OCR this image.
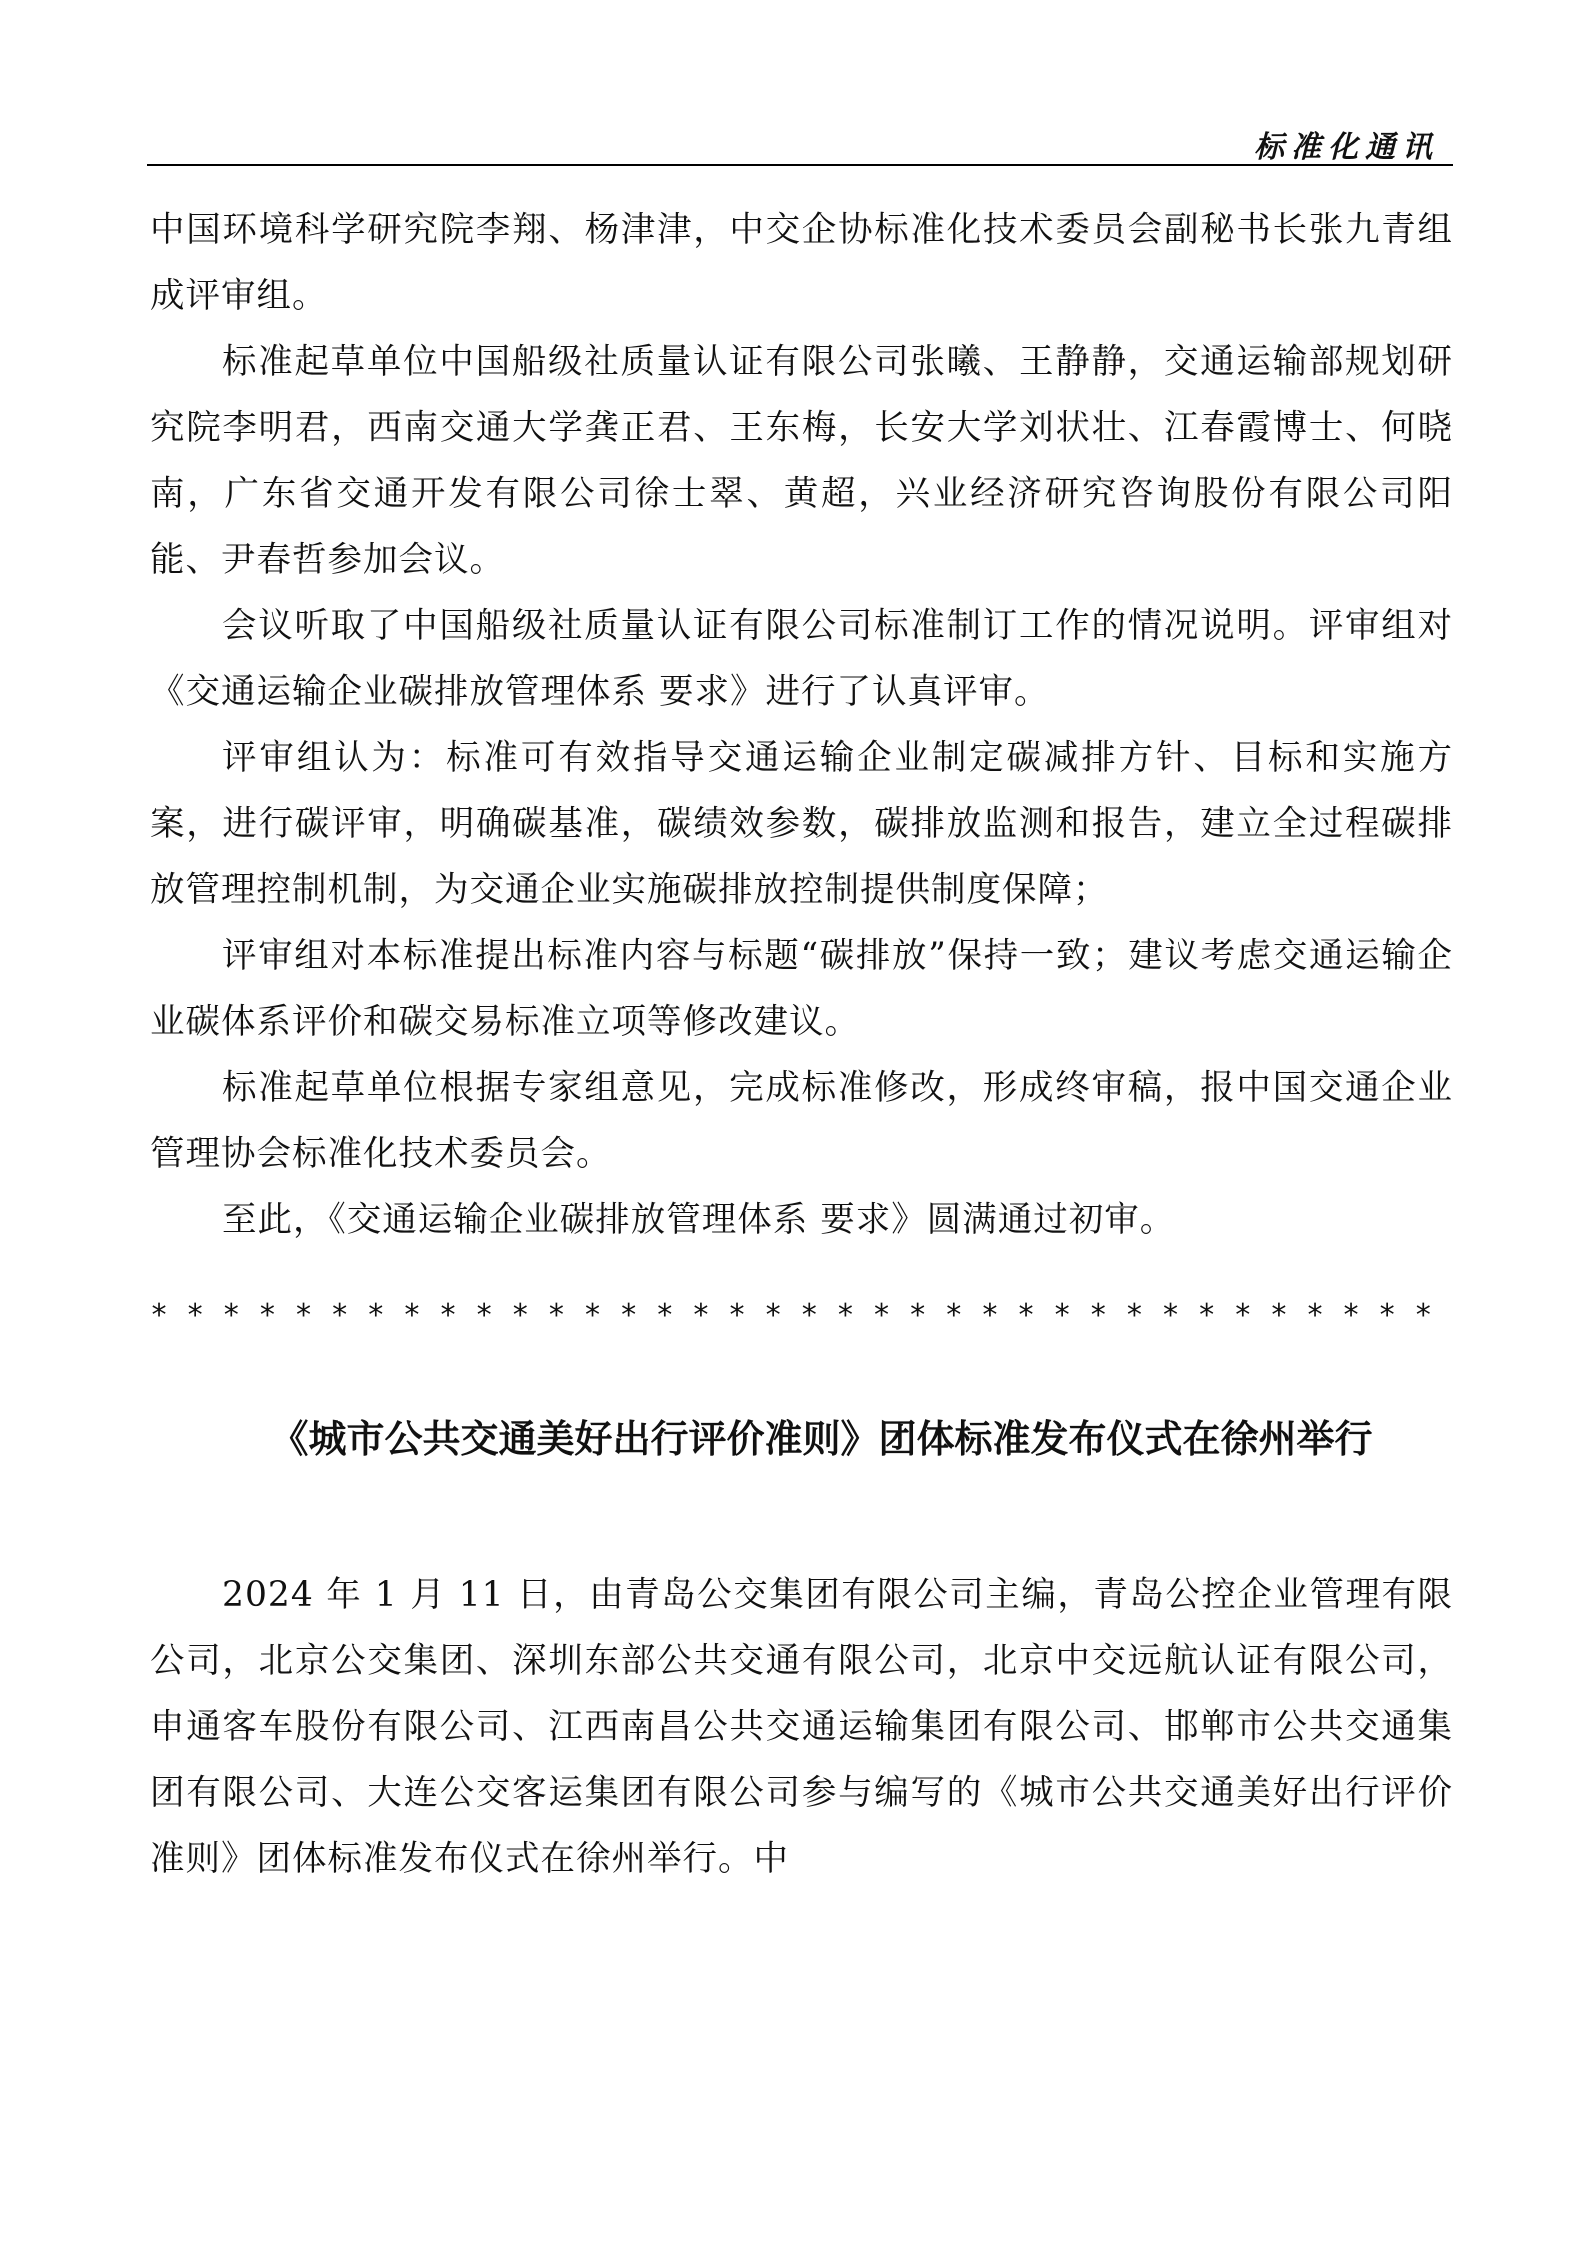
标准化通讯

中国环境科学研究院李翔、杨津津，中交企协标准化技术委员会副秘书长张九青组成评审组。

标准起草单位中国船级社质量认证有限公司张曦、王静静，交通运输部规划研究院李明君，西南交通大学龚正君、王东梅，长安大学刘状壮、江春霞博士、何晓南，广东省交通开发有限公司徐士翠、黄超，兴业经济研究咨询股份有限公司阳能、尹春哲参加会议。

会议听取了中国船级社质量认证有限公司标准制订工作的情况说明。评审组对《交通运输企业碳排放管理体系 要求》进行了认真评审。

评审组认为：标准可有效指导交通运输企业制定碳减排方针、目标和实施方案，进行碳评审，明确碳基准，碳绩效参数，碳排放监测和报告，建立全过程碳排放管理控制机制，为交通企业实施碳排放控制提供制度保障；

评审组对本标准提出标准内容与标题“碳排放”保持一致；建议考虑交通运输企业碳体系评价和碳交易标准立项等修改建议。

标准起草单位根据专家组意见，完成标准修改，形成终审稿，报中国交通企业管理协会标准化技术委员会。

至此，《交通运输企业碳排放管理体系 要求》圆满通过初审。

* * * * * * * * * * * * * * * * * * * * * * * * * * * * * * * * * * * *
《城市公共交通美好出行评价准则》团体标准发布仪式在徐州举行

2024 年 1 月 11 日，由青岛公交集团有限公司主编，青岛公控企业管理有限公司，北京公交集团、深圳东部公共交通有限公司，北京中交远航认证有限公司，申通客车股份有限公司、江西南昌公共交通运输集团有限公司、邯郸市公共交通集团有限公司、大连公交客运集团有限公司参与编写的《城市公共交通美好出行评价准则》团体标准发布仪式在徐州举行。中
